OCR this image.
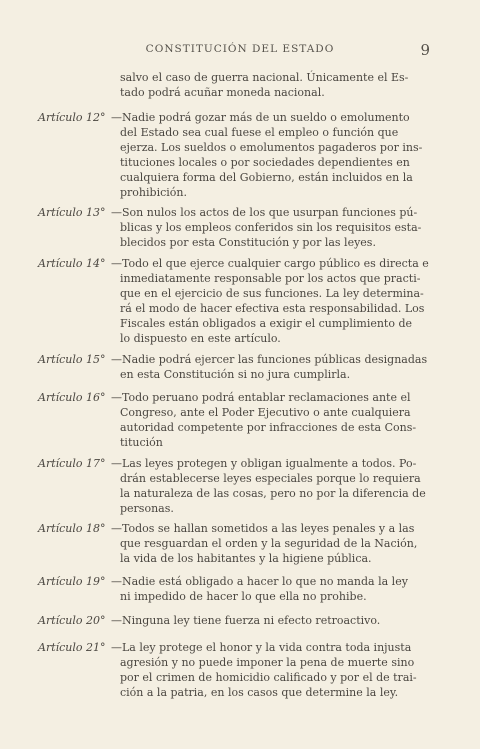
CONSTITUCIÓN DEL ESTADO	9
salvo el caso de guerra nacional. Únicamente el Es-
tado podrá acuñar moneda nacional.
Artículo 12° —Nadie podrá gozar más de un sueldo o emolumento
del Estado sea cual fuese el empleo o función que
ejerza. Los sueldos o emolumentos pagaderos por ins-
tituciones locales o por sociedades dependientes en
cualquiera forma del Gobierno, están incluidos en la
prohibición.
Artículo 13° —Son nulos los actos de los que usurpan funciones pú-
blicas y los empleos conferidos sin los requisitos esta-
blecidos por esta Constitución y por las leyes.
Artículo 14° —Todo el que ejerce cualquier cargo público es directa e
inmediatamente responsable por los actos que practi-
que en el ejercicio de sus funciones. La ley determina-
rá el modo de hacer efectiva esta responsabilidad. Los
Fiscales están obligados a exigir el cumplimiento de
lo dispuesto en este artículo.
Artículo 15° —Nadie podrá ejercer las funciones públicas designadas
en esta Constitución si no jura cumplirla.
Artículo 16° —Todo peruano podrá entablar reclamaciones ante el
Congreso, ante el Poder Ejecutivo o ante cualquiera
autoridad competente por infracciones de esta Cons-
titución
Artículo 17° —Las leyes protegen y obligan igualmente a todos. Po-
drán establecerse leyes especiales porque lo requiera
la naturaleza de las cosas, pero no por la diferencia de
personas.
Artículo 18° —Todos se hallan sometidos a las leyes penales y a las
que resguardan el orden y la seguridad de la Nación,
la vida de los habitantes y la higiene pública.
Artículo 19° —Nadie está obligado a hacer lo que no manda la ley
ni impedido de hacer lo que ella no prohibe.
Artículo 20° —Ninguna ley tiene fuerza ni efecto retroactivo.
Artículo 21° —La ley protege el honor y la vida contra toda injusta
agresión y no puede imponer la pena de muerte sino
por el crimen de homicidio calificado y por el de trai-
ción a la patria, en los casos que determine la ley.
